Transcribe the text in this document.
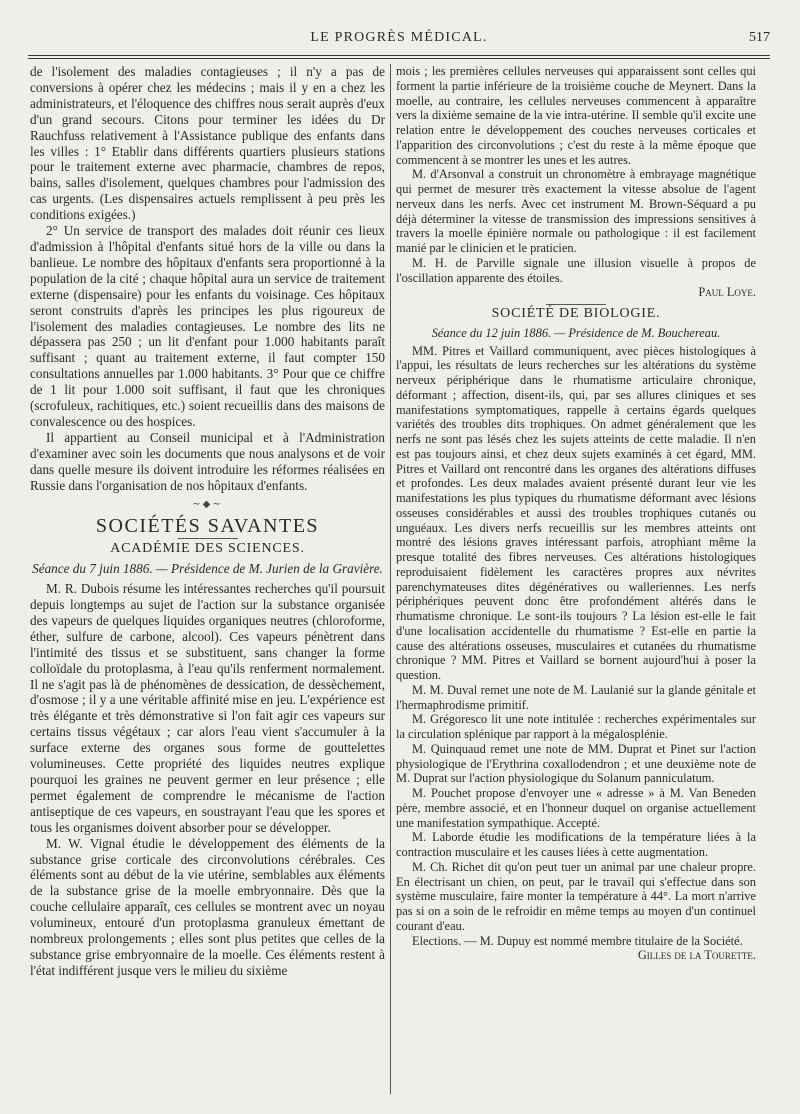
LE PROGRÈS MÉDICAL.	517

de l'isolement des maladies contagieuses ; il n'y a pas de conversions à opérer chez les médecins ; mais il y en a chez les administrateurs, et l'éloquence des chiffres nous serait auprès d'eux d'un grand secours. Citons pour terminer les idées du Dr Rauchfuss relativement à l'Assistance publique des enfants dans les villes : 1° Etablir dans différents quartiers plusieurs stations pour le traitement externe avec pharmacie, chambres de repos, bains, salles d'isolement, quelques chambres pour l'admission des cas urgents. (Les dispensaires actuels remplissent à peu près les conditions exigées.)

2° Un service de transport des malades doit réunir ces lieux d'admission à l'hôpital d'enfants situé hors de la ville ou dans la banlieue. Le nombre des hôpitaux d'enfants sera proportionné à la population de la cité ; chaque hôpital aura un service de traitement externe (dispensaire) pour les enfants du voisinage. Ces hôpitaux seront construits d'après les principes les plus rigoureux de l'isolement des maladies contagieuses. Le nombre des lits ne dépassera pas 250 ; un lit d'enfant pour 1.000 habitants paraît suffisant ; quant au traitement externe, il faut compter 150 consultations annuelles par 1.000 habitants. 3° Pour que ce chiffre de 1 lit pour 1.000 soit suffisant, il faut que les chroniques (scrofuleux, rachitiques, etc.) soient recueillis dans des maisons de convalescence ou des hospices.

Il appartient au Conseil municipal et à l'Administration d'examiner avec soin les documents que nous analysons et de voir dans quelle mesure ils doivent introduire les réformes réalisées en Russie dans l'organisation de nos hôpitaux d'enfants.

∼◆∼
SOCIÉTÉS SAVANTES
ACADÉMIE DES SCIENCES.

Séance du 7 juin 1886. — Présidence de M. Jurien de la Gravière.

M. R. Dubois résume les intéressantes recherches qu'il poursuit depuis longtemps au sujet de l'action sur la substance organisée des vapeurs de quelques liquides organiques neutres (chloroforme, éther, sulfure de carbone, alcool). Ces vapeurs pénètrent dans l'intimité des tissus et se substituent, sans changer la forme colloïdale du protoplasma, à l'eau qu'ils renferment normalement. Il ne s'agit pas là de phénomènes de dessication, de dessèchement, d'osmose ; il y a une véritable affinité mise en jeu. L'expérience est très élégante et très démonstrative si l'on fait agir ces vapeurs sur certains tissus végétaux ; car alors l'eau vient s'accumuler à la surface externe des organes sous forme de gouttelettes volumineuses. Cette propriété des liquides neutres explique pourquoi les graines ne peuvent germer en leur présence ; elle permet également de comprendre le mécanisme de l'action antiseptique de ces vapeurs, en soustrayant l'eau que les spores et tous les organismes doivent absorber pour se développer.

M. W. Vignal étudie le développement des éléments de la substance grise corticale des circonvolutions cérébrales. Ces éléments sont au début de la vie utérine, semblables aux éléments de la substance grise de la moelle embryonnaire. Dès que la couche cellulaire apparaît, ces cellules se montrent avec un noyau volumineux, entouré d'un protoplasma granuleux émettant de nombreux prolongements ; elles sont plus petites que celles de la substance grise embryonnaire de la moelle. Ces éléments restent à l'état indifférent jusque vers le milieu du sixième

mois ; les premières cellules nerveuses qui apparaissent sont celles qui forment la partie inférieure de la troisième couche de Meynert. Dans la moelle, au contraire, les cellules nerveuses commencent à apparaître vers la dixième semaine de la vie intra-utérine. Il semble qu'il excite une relation entre le développement des couches nerveuses corticales et l'apparition des circonvolutions ; c'est du reste à la même époque que commencent à se montrer les unes et les autres.

M. d'Arsonval a construit un chronomètre à embrayage magnétique qui permet de mesurer très exactement la vitesse absolue de l'agent nerveux dans les nerfs. Avec cet instrument M. Brown-Séquard a pu déjà déterminer la vitesse de transmission des impressions sensitives à travers la moelle épinière normale ou pathologique : il est facilement manié par le clinicien et le praticien.

M. H. de Parville signale une illusion visuelle à propos de l'oscillation apparente des étoiles.

Paul Loye.
SOCIÉTÉ DE BIOLOGIE.

Séance du 12 juin 1886. — Présidence de M. Bouchereau.

MM. Pitres et Vaillard communiquent, avec pièces histologiques à l'appui, les résultats de leurs recherches sur les altérations du système nerveux périphérique dans le rhumatisme articulaire chronique, déformant ; affection, disent-ils, qui, par ses allures cliniques et ses manifestations symptomatiques, rappelle à certains égards quelques variétés des troubles dits trophiques. On admet généralement que les nerfs ne sont pas lésés chez les sujets atteints de cette maladie. Il n'en est pas toujours ainsi, et chez deux sujets examinés à cet égard, MM. Pitres et Vaillard ont rencontré dans les organes des altérations diffuses et profondes. Les deux malades avaient présenté durant leur vie les manifestations les plus typiques du rhumatisme déformant avec lésions osseuses considérables et aussi des troubles trophiques cutanés ou unguéaux. Les divers nerfs recueillis sur les membres atteints ont montré des lésions graves intéressant parfois, atrophiant même la presque totalité des fibres nerveuses. Ces altérations histologiques reproduisaient fidèlement les caractères propres aux névrites parenchymateuses dites dégénératives ou walleriennes. Les nerfs périphériques peuvent donc être profondément altérés dans le rhumatisme chronique. Le sont-ils toujours ? La lésion est-elle le fait d'une localisation accidentelle du rhumatisme ? Est-elle en partie la cause des altérations osseuses, musculaires et cutanées du rhumatisme chronique ? MM. Pitres et Vaillard se bornent aujourd'hui à poser la question.

M. M. Duval remet une note de M. Laulanié sur la glande génitale et l'hermaphrodisme primitif.

M. Grégoresco lit une note intitulée : recherches expérimentales sur la circulation splénique par rapport à la mégalosplénie.

M. Quinquaud remet une note de MM. Duprat et Pinet sur l'action physiologique de l'Erythrina coxallodendron ; et une deuxième note de M. Duprat sur l'action physiologique du Solanum panniculatum.

M. Pouchet propose d'envoyer une « adresse » à M. Van Beneden père, membre associé, et en l'honneur duquel on organise actuellement une manifestation sympathique. Accepté.

M. Laborde étudie les modifications de la température liées à la contraction musculaire et les causes liées à cette augmentation.

M. Ch. Richet dit qu'on peut tuer un animal par une chaleur propre. En électrisant un chien, on peut, par le travail qui s'effectue dans son système musculaire, faire monter la température à 44°. La mort n'arrive pas si on a soin de le refroidir en même temps au moyen d'un continuel courant d'eau.

Elections. — M. Dupuy est nommé membre titulaire de la Société.

Gilles de la Tourette.
